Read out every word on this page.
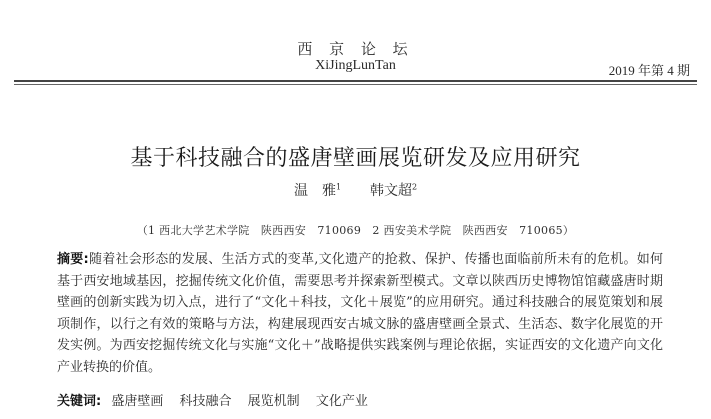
西 京 论 坛
XiJingLunTan	2019 年第 4 期
基于科技融合的盛唐壁画展览研发及应用研究
温　雅$^1$ 韩文超$^2$
（1 西北大学艺术学院　陕西西安　710069　2 西安美术学院　陕西西安　710065）
摘要:随着社会形态的发展、生活方式的变革,文化遗产的抢救、保护、传播也面临前所未有的危机。如何基于西安地域基因，挖掘传统文化价值，需要思考并探索新型模式。文章以陕西历史博物馆馆藏盛唐时期壁画的创新实践为切入点，进行了“文化＋科技，文化＋展览”的应用研究。通过科技融合的展览策划和展项制作，以行之有效的策略与方法，构建展现西安古城文脉的盛唐壁画全景式、生活态、数字化展览的开发实例。为西安挖掘传统文化与实施“文化＋”战略提供实践案例与理论依据，实证西安的文化遗产向文化产业转换的价值。
关键词: 盛唐壁画 科技融合 展览机制 文化产业
